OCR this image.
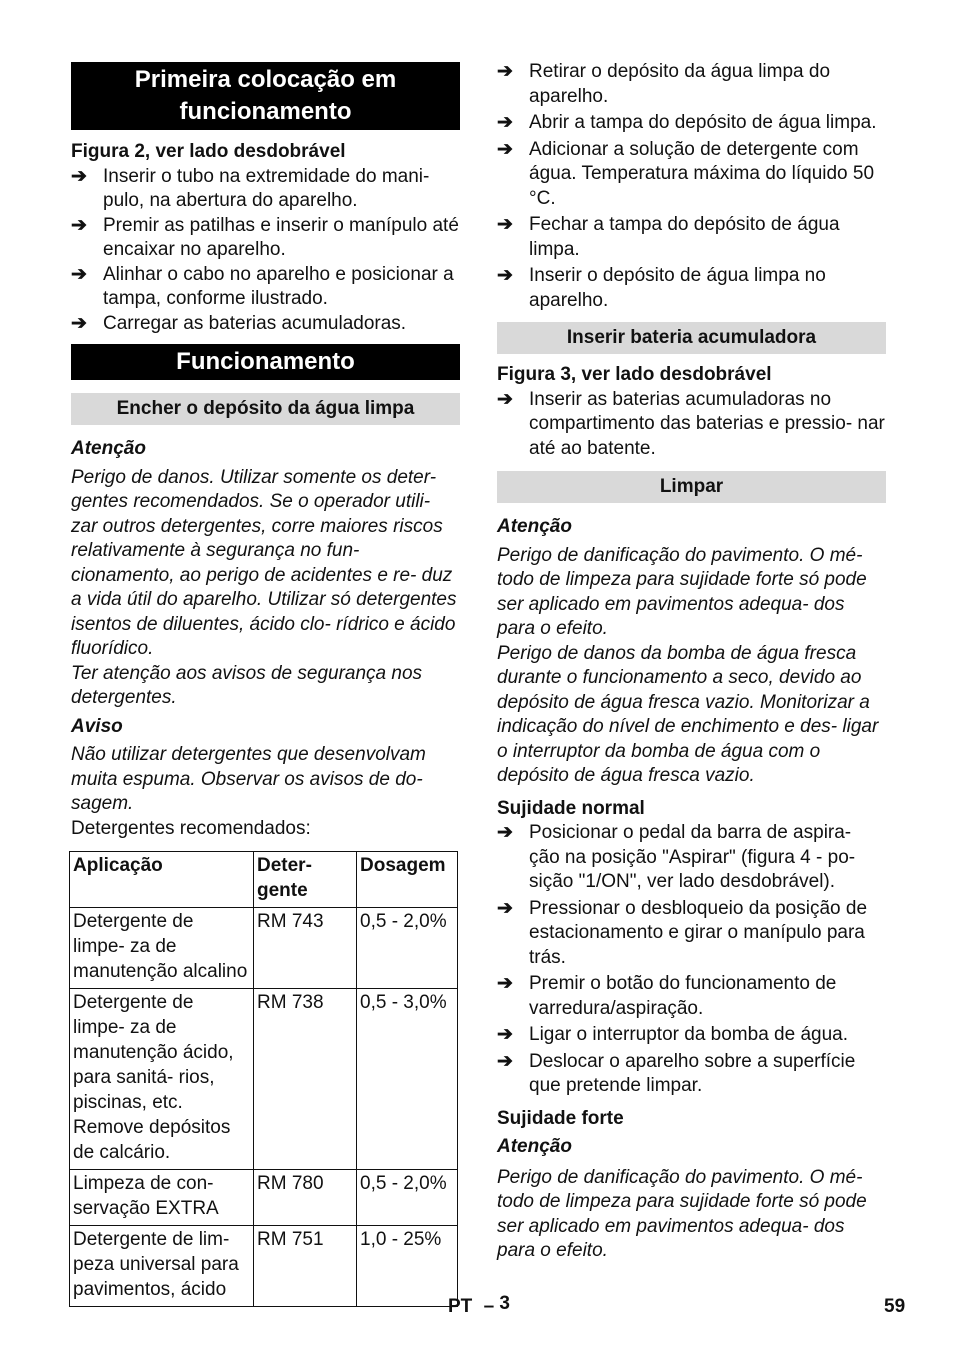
Primeira colocação em funcionamento
Figura 2, ver lado desdobrável
➔ Inserir o tubo na extremidade do mani- pulo, na abertura do aparelho.
➔ Premir as patilhas e inserir o manípulo até encaixar no aparelho.
➔ Alinhar o cabo no aparelho e posicionar a tampa, conforme ilustrado.
➔ Carregar as baterias acumuladoras.
Funcionamento
Encher o depósito da água limpa
Atenção
Perigo de danos. Utilizar somente os deter- gentes recomendados. Se o operador utili- zar outros detergentes, corre maiores riscos relativamente à segurança no fun- cionamento, ao perigo de acidentes e re- duz a vida útil do aparelho. Utilizar só detergentes isentos de diluentes, ácido clo- rídrico e ácido fluorídico.
Ter atenção aos avisos de segurança nos detergentes.
Aviso
Não utilizar detergentes que desenvolvam muita espuma. Observar os avisos de do- sagem.
Detergentes recomendados:
Aplicação	Deter- gente	Dosagem
Detergente de limpe- za de manutenção alcalino	RM 743	0,5 - 2,0%
Detergente de limpe- za de manutenção ácido, para sanitá- rios, piscinas, etc. Remove depósitos de calcário.	RM 738	0,5 - 3,0%
Limpeza de con- servação EXTRA	RM 780	0,5 - 2,0%
Detergente de lim- peza universal para pavimentos, ácido	RM 751	1,0 - 25%
➔ Retirar o depósito da água limpa do aparelho.
➔ Abrir a tampa do depósito de água limpa.
➔ Adicionar a solução de detergente com água. Temperatura máxima do líquido 50 °C.
➔ Fechar a tampa do depósito de água limpa.
➔ Inserir o depósito de água limpa no aparelho.
Inserir bateria acumuladora
Figura 3, ver lado desdobrável
➔ Inserir as baterias acumuladoras no compartimento das baterias e pressio- nar até ao batente.
Limpar
Atenção
Perigo de danificação do pavimento. O mé- todo de limpeza para sujidade forte só pode ser aplicado em pavimentos adequa- dos para o efeito.
Perigo de danos da bomba de água fresca durante o funcionamento a seco, devido ao depósito de água fresca vazio. Monitorizar a indicação do nível de enchimento e des- ligar o interruptor da bomba de água com o depósito de água fresca vazio.
Sujidade normal
➔ Posicionar o pedal da barra de aspira- ção na posição "Aspirar" (figura 4 - po- sição "1/ON", ver lado desdobrável).
➔ Pressionar o desbloqueio da posição de estacionamento e girar o manípulo para trás.
➔ Premir o botão do funcionamento de varredura/aspiração.
➔ Ligar o interruptor da bomba de água.
➔ Deslocar o aparelho sobre a superfície que pretende limpar.
Sujidade forte
Atenção
Perigo de danificação do pavimento. O mé- todo de limpeza para sujidade forte só pode ser aplicado em pavimentos adequa- dos para o efeito.
PT – 3	59
